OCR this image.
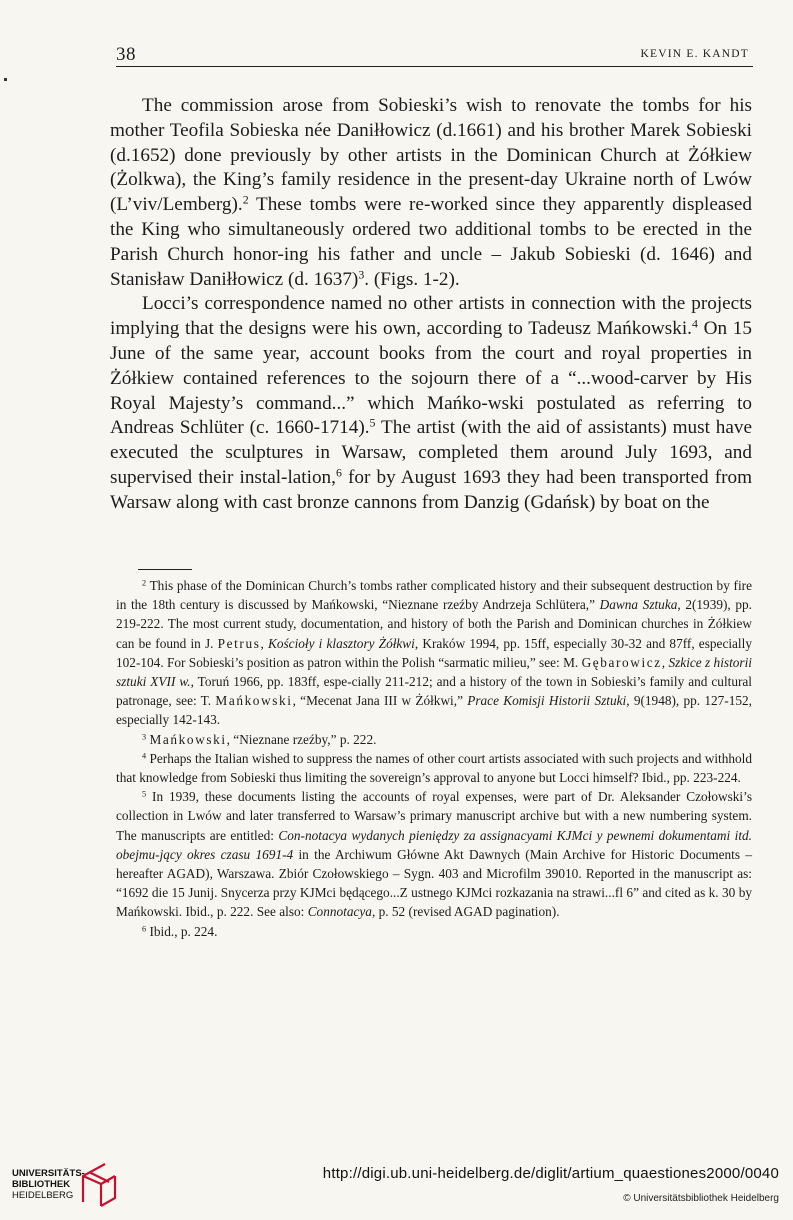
38	KEVIN E. KANDT

The commission arose from Sobieski’s wish to renovate the tombs for his mother Teofila Sobieska née Daniłłowicz (d.1661) and his brother Marek Sobieski (d.1652) done previously by other artists in the Dominican Church at Żółkiew (Żolkwa), the King’s family residence in the present-day Ukraine north of Lwów (L’viv/Lemberg).$^2$ These tombs were re-worked since they apparently displeased the King who simultaneously ordered two additional tombs to be erected in the Parish Church honor-ing his father and uncle – Jakub Sobieski (d. 1646) and Stanisław Daniłłowicz (d. 1637)$^3$. (Figs. 1-2).

Locci’s correspondence named no other artists in connection with the projects implying that the designs were his own, according to Tadeusz Mańkowski.$^4$ On 15 June of the same year, account books from the court and royal properties in Żółkiew contained references to the sojourn there of a “...wood-carver by His Royal Majesty’s command...” which Mańko-wski postulated as referring to Andreas Schlüter (c. 1660-1714).$^5$ The artist (with the aid of assistants) must have executed the sculptures in Warsaw, completed them around July 1693, and supervised their instal-lation,$^6$ for by August 1693 they had been transported from Warsaw along with cast bronze cannons from Danzig (Gdańsk) by boat on the

$^2$ This phase of the Dominican Church’s tombs rather complicated history and their subsequent destruction by fire in the 18th century is discussed by Mańkowski, “Nieznane rzeźby Andrzeja Schlütera,” Dawna Sztuka, 2(1939), pp. 219-222. The most current study, documentation, and history of both the Parish and Dominican churches in Żółkiew can be found in J. Petrus, Kościoły i klasztory Żółkwi, Kraków 1994, pp. 15ff, especially 30-32 and 87ff, especially 102-104. For Sobieski’s position as patron within the Polish “sarmatic milieu,” see: M. Gębarowicz, Szkice z historii sztuki XVII w., Toruń 1966, pp. 183ff, espe-cially 211-212; and a history of the town in Sobieski’s family and cultural patronage, see: T. Mańkowski, “Mecenat Jana III w Żółkwi,” Prace Komisji Historii Sztuki, 9(1948), pp. 127-152, especially 142-143.

$^3$ Mańkowski, “Nieznane rzeźby,” p. 222.

$^4$ Perhaps the Italian wished to suppress the names of other court artists associated with such projects and withhold that knowledge from Sobieski thus limiting the sovereign’s approval to anyone but Locci himself? Ibid., pp. 223-224.

$^5$ In 1939, these documents listing the accounts of royal expenses, were part of Dr. Aleksander Czołowski’s collection in Lwów and later transferred to Warsaw’s primary manuscript archive but with a new numbering system. The manuscripts are entitled: Con-notacya wydanych pieniędzy za assignacyami KJMci y pewnemi dokumentami itd. obejmu-jący okres czasu 1691-4 in the Archiwum Główne Akt Dawnych (Main Archive for Historic Documents – hereafter AGAD), Warszawa. Zbiór Czołowskiego – Sygn. 403 and Microfilm 39010. Reported in the manuscript as: “1692 die 15 Junij. Snycerza przy KJMci będącego...Z ustnego KJMci rozkazania na strawi...fl 6” and cited as k. 30 by Mańkowski. Ibid., p. 222. See also: Connotacya, p. 52 (revised AGAD pagination).

$^6$ Ibid., p. 224.

UNIVERSITÄTS-
BIBLIOTHEK
HEIDELBERG
http://digi.ub.uni-heidelberg.de/diglit/artium_quaestiones2000/0040
© Universitätsbibliothek Heidelberg
